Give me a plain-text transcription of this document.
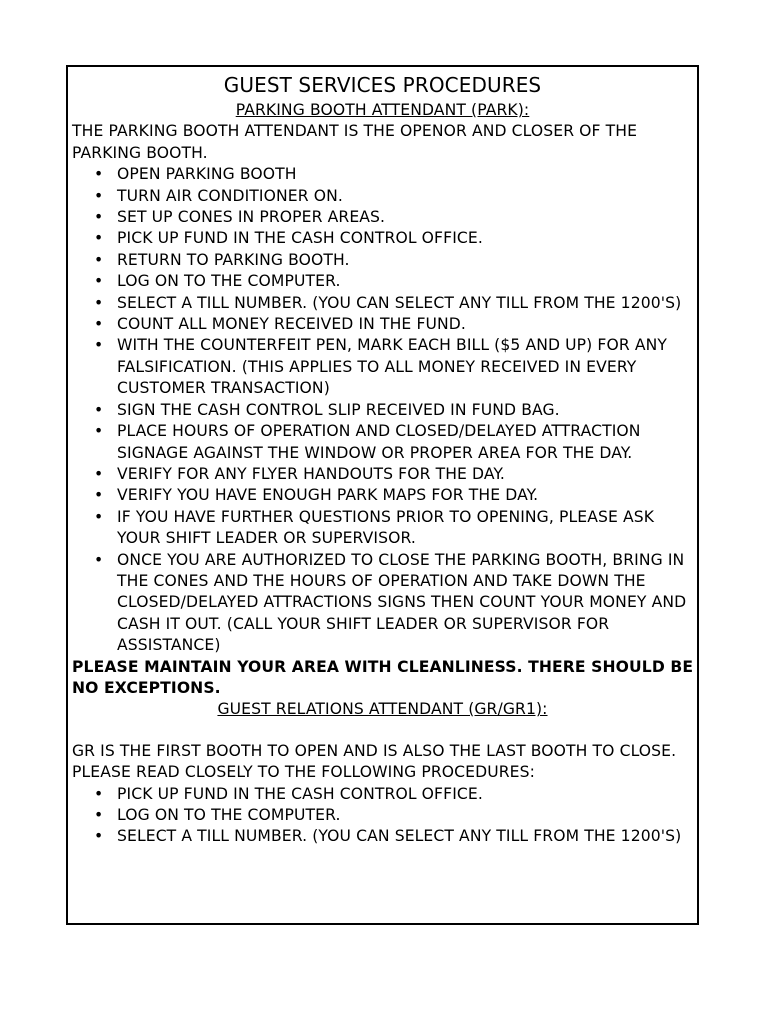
GUEST SERVICES PROCEDURES
PARKING BOOTH ATTENDANT (PARK):
THE PARKING BOOTH ATTENDANT IS THE OPENOR AND CLOSER OF THE PARKING BOOTH.
• OPEN PARKING BOOTH
• TURN AIR CONDITIONER ON.
• SET UP CONES IN PROPER AREAS.
• PICK UP FUND IN THE CASH CONTROL OFFICE.
• RETURN TO PARKING BOOTH.
• LOG ON TO THE COMPUTER.
• SELECT A TILL NUMBER. (YOU CAN SELECT ANY TILL FROM THE 1200'S)
• COUNT ALL MONEY RECEIVED IN THE FUND.
• WITH THE COUNTERFEIT PEN, MARK EACH BILL ($5 AND UP) FOR ANY FALSIFICATION. (THIS APPLIES TO ALL MONEY RECEIVED IN EVERY CUSTOMER TRANSACTION)
• SIGN THE CASH CONTROL SLIP RECEIVED IN FUND BAG.
• PLACE HOURS OF OPERATION AND CLOSED/DELAYED ATTRACTION SIGNAGE AGAINST THE WINDOW OR PROPER AREA FOR THE DAY.
• VERIFY FOR ANY FLYER HANDOUTS FOR THE DAY.
• VERIFY YOU HAVE ENOUGH PARK MAPS FOR THE DAY.
• IF YOU HAVE FURTHER QUESTIONS PRIOR TO OPENING, PLEASE ASK YOUR SHIFT LEADER OR SUPERVISOR.
• ONCE YOU ARE AUTHORIZED TO CLOSE THE PARKING BOOTH, BRING IN THE CONES AND THE HOURS OF OPERATION AND TAKE DOWN THE CLOSED/DELAYED ATTRACTIONS SIGNS THEN COUNT YOUR MONEY AND CASH IT OUT. (CALL YOUR SHIFT LEADER OR SUPERVISOR FOR ASSISTANCE)
PLEASE MAINTAIN YOUR AREA WITH CLEANLINESS. THERE SHOULD BE NO EXCEPTIONS.
GUEST RELATIONS ATTENDANT (GR/GR1):
GR IS THE FIRST BOOTH TO OPEN AND IS ALSO THE LAST BOOTH TO CLOSE. PLEASE READ CLOSELY TO THE FOLLOWING PROCEDURES:
• PICK UP FUND IN THE CASH CONTROL OFFICE.
• LOG ON TO THE COMPUTER.
• SELECT A TILL NUMBER. (YOU CAN SELECT ANY TILL FROM THE 1200'S)
